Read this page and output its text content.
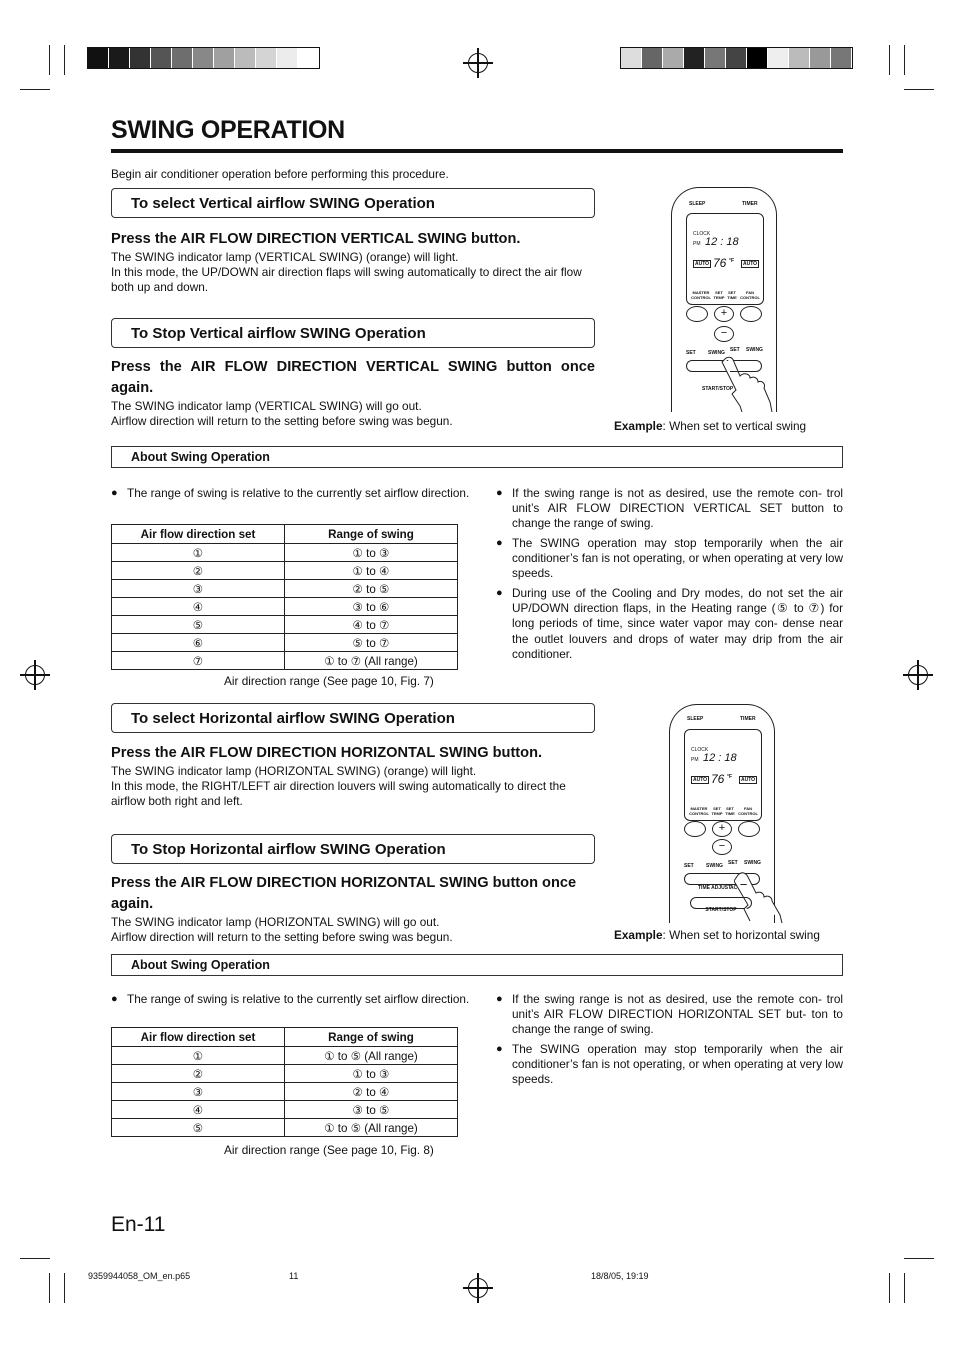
SWING OPERATION
Begin air conditioner operation before performing this procedure.
To select Vertical airflow SWING Operation
Press the AIR FLOW DIRECTION VERTICAL SWING button.
The SWING indicator lamp (VERTICAL SWING) (orange) will light.
In this mode, the UP/DOWN air direction flaps will swing automatically to direct the air flow both up and down.
To Stop Vertical airflow SWING Operation
Press the AIR FLOW DIRECTION VERTICAL SWING button once again.
The SWING indicator lamp (VERTICAL SWING) will go out.
Airflow direction will return to the setting before swing was begun.
SLEEP	TIMER
CLOCK
PM 12 : 18
AUTO 76 °F	AUTO
MASTER CONTROL
SET TEMP
SET TIME
FAN CONTROL
+
−
SET SWING SET SWING
START/STOP
Example: When set to vertical swing
About Swing Operation
● The range of swing is relative to the currently set airflow direction.
Air flow direction set	Range of swing
①	① to ③
②	① to ④
③	② to ⑤
④	③ to ⑥
⑤	④ to ⑦
⑥	⑤ to ⑦
⑦	① to ⑦ (All range)
Air direction range (See page 10, Fig. 7)
● If the swing range is not as desired, use the remote con- trol unit’s AIR FLOW DIRECTION VERTICAL SET button to change the range of swing.
● The SWING operation may stop temporarily when the air conditioner’s fan is not operating, or when operating at very low speeds.
● During use of the Cooling and Dry modes, do not set the air UP/DOWN direction flaps, in the Heating range (⑤ to ⑦) for long periods of time, since water vapor may con- dense near the outlet louvers and drops of water may drip from the air conditioner.
To select Horizontal airflow SWING Operation
Press the AIR FLOW DIRECTION HORIZONTAL SWING button.
The SWING indicator lamp (HORIZONTAL SWING) (orange) will light.
In this mode, the RIGHT/LEFT air direction louvers will swing automatically to direct the airflow both right and left.
To Stop Horizontal airflow SWING Operation
Press the AIR FLOW DIRECTION HORIZONTAL SWING button once again.
The SWING indicator lamp (HORIZONTAL SWING) will go out.
Airflow direction will return to the setting before swing was begun.
SLEEP	TIMER
CLOCK
PM 12 : 18
AUTO 76 °F	AUTO
MASTER CONTROL
SET TEMP
SET TIME
FAN CONTROL
+
−
SET SWING SET SWING
TIME ADJUST
AC
START/STOP
Example: When set to horizontal swing
About Swing Operation
● The range of swing is relative to the currently set airflow direction.
Air flow direction set	Range of swing
①	① to ⑤ (All range)
②	① to ③
③	② to ④
④	③ to ⑤
⑤	① to ⑤ (All range)
Air direction range (See page 10, Fig. 8)
● If the swing range is not as desired, use the remote con- trol unit’s AIR FLOW DIRECTION HORIZONTAL SET but- ton to change the range of swing.
● The SWING operation may stop temporarily when the air conditioner’s fan is not operating, or when operating at very low speeds.
En-11
9359944058_OM_en.p65	11	18/8/05, 19:19
